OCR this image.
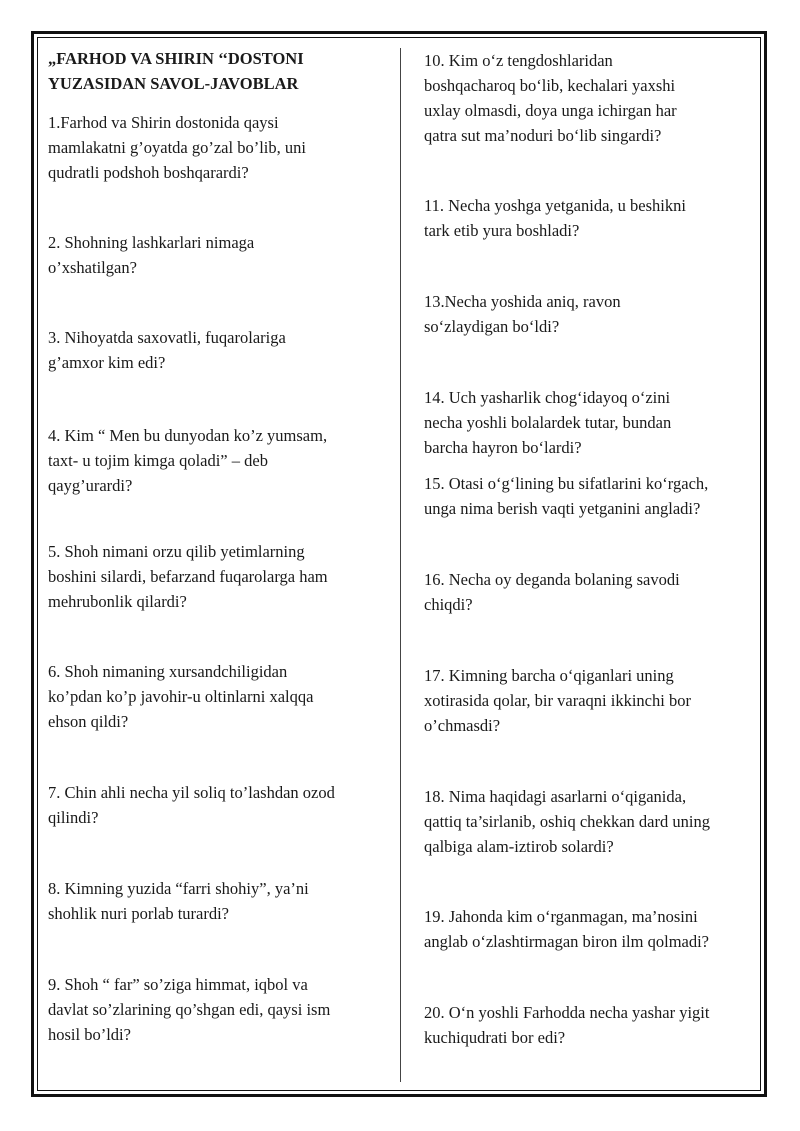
„FARHOD VA SHIRIN ‘‘DOSTONI
YUZASIDAN SAVOL-JAVOBLAR
1.Farhod va Shirin dostonida qaysi
mamlakatni g’oyatda go’zal bo’lib, uni
qudratli podshoh boshqarardi?
2. Shohning lashkarlari nimaga
o’xshatilgan?
3. Nihoyatda saxovatli, fuqarolariga
g’amxor kim edi?
4. Kim “ Men bu dunyodan ko’z yumsam,
taxt- u tojim kimga qoladi” – deb
qayg’urardi?
5. Shoh nimani orzu qilib yetimlarning
boshini silardi, befarzand fuqarolarga ham
mehrubonlik qilardi?
6. Shoh nimaning xursandchiligidan
ko’pdan ko’p javohir-u oltinlarni xalqqa
ehson qildi?
7. Chin ahli necha yil soliq to’lashdan ozod
qilindi?
8. Kimning yuzida “farri shohiy”, ya’ni
shohlik nuri porlab turardi?
9. Shoh “ far” so’ziga himmat, iqbol va
davlat so’zlarining qo’shgan edi, qaysi ism
hosil bo’ldi?
10. Kim o‘z tengdoshlaridan
boshqacharoq bo‘lib, kechalari yaxshi
uxlay olmasdi, doya unga ichirgan har
qatra sut ma’noduri bo‘lib singardi?
11. Necha yoshga yetganida, u beshikni
tark etib yura boshladi?
13.Necha yoshida aniq, ravon
so‘zlaydigan bo‘ldi?
14. Uch yasharlik chog‘idayoq o‘zini
necha yoshli bolalardek tutar, bundan
barcha hayron bo‘lardi?
15. Otasi o‘g‘lining bu sifatlarini ko‘rgach,
unga nima berish vaqti yetganini angladi?
16. Necha oy deganda bolaning savodi
chiqdi?
17. Kimning barcha o‘qiganlari uning
xotirasida qolar, bir varaqni ikkinchi bor
o’chmasdi?
18. Nima haqidagi asarlarni o‘qiganida,
qattiq ta’sirlanib, oshiq chekkan dard uning
qalbiga alam-iztirob solardi?
19. Jahonda kim o‘rganmagan, ma’nosini
anglab o‘zlashtirmagan biron ilm qolmadi?
20. O‘n yoshli Farhodda necha yashar yigit
kuchiqudrati bor edi?
